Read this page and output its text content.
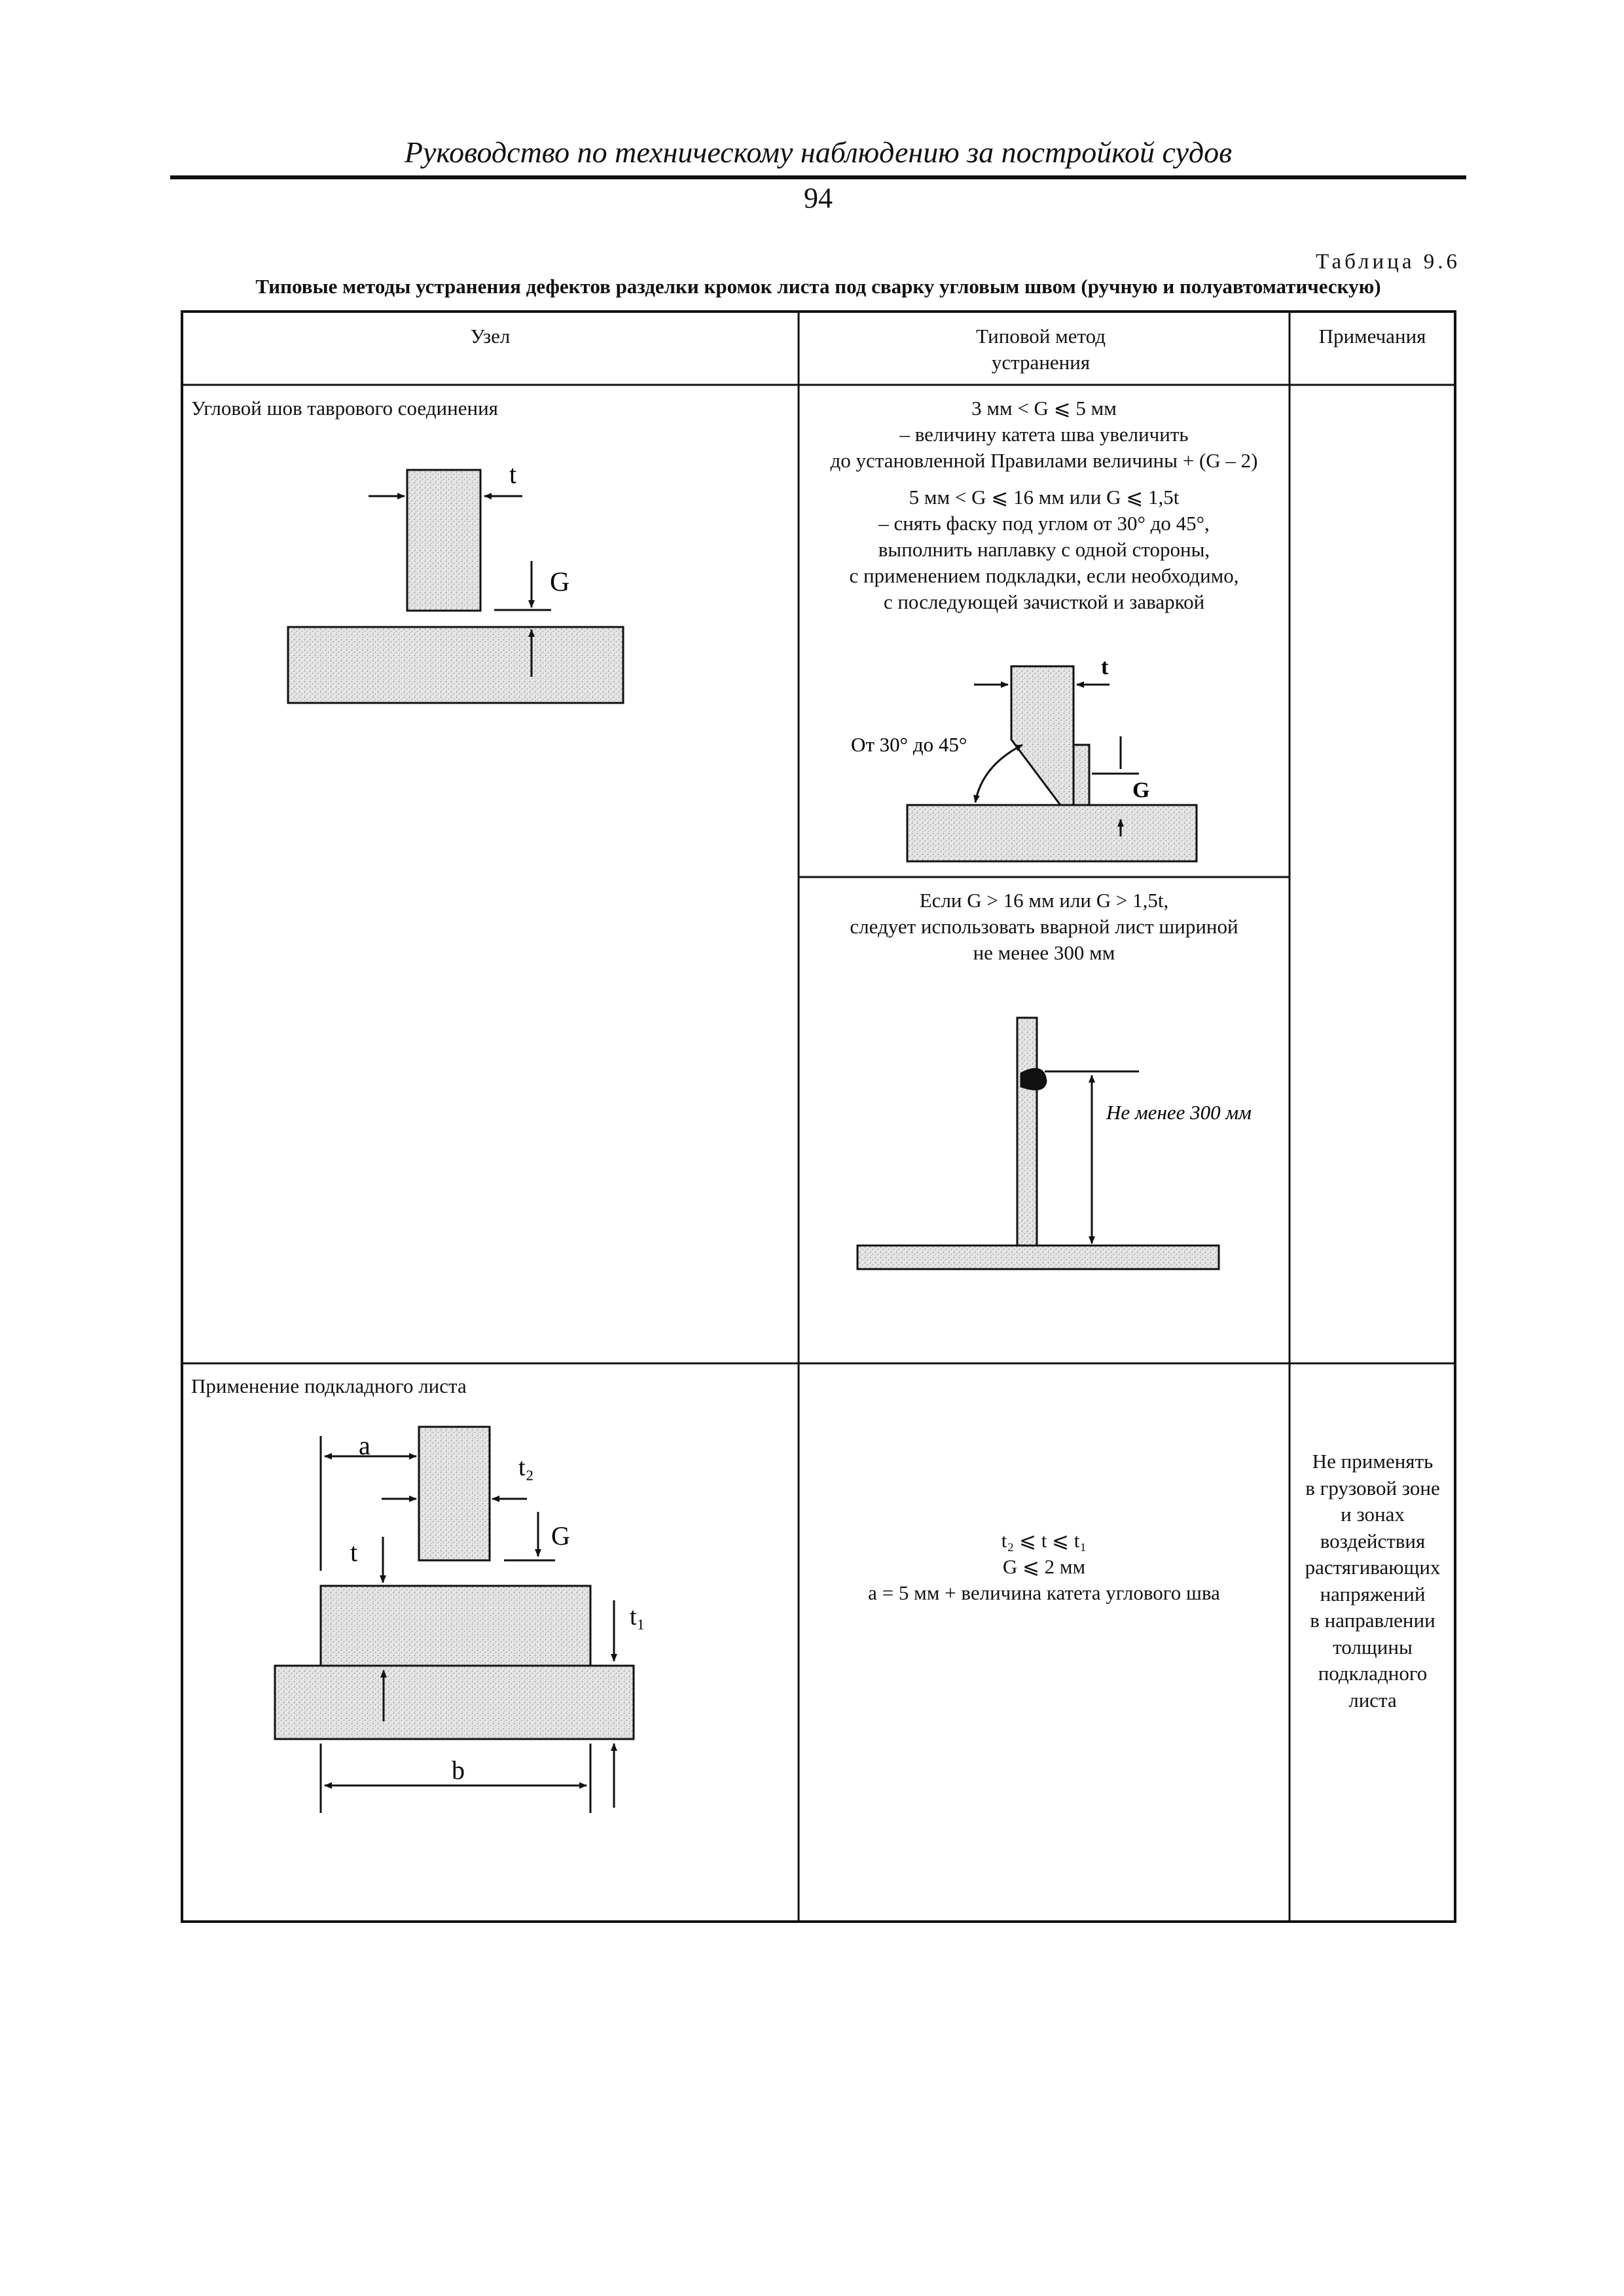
Руководство по техническому наблюдению за постройкой судов
94
Таблица 9.6
Типовые методы устранения дефектов разделки кромок листа под сварку угловым швом (ручную и полуавтоматическую)
t
G
t
G
От 30° до 45°
Не менее 300 мм
a
t₂
G
t
t₁
b
Узел	Типовой метод устранения
Примечания
Угловой шов таврового соединения	3 мм < G ⩽ 5 мм
– величину катета шва увеличить
до установленной Правилами величины + (G – 2)
5 мм < G ⩽ 16 мм или G ⩽ 1,5t
– снять фаску под углом от 30° до 45°,
выполнить наплавку с одной стороны,
с применением подкладки, если необходимо,
с последующей зачисткой и заваркой
Если G > 16 мм или G > 1,5t,
следует использовать вварной лист шириной
не менее 300 мм
Применение подкладного листа
t₂ ⩽ t ⩽ t₁
G ⩽ 2 мм
a = 5 мм + величина катета углового шва
Не применять
в грузовой зоне
и зонах
воздействия
растягивающих
напряжений
в направлении
толщины
подкладного
листа
